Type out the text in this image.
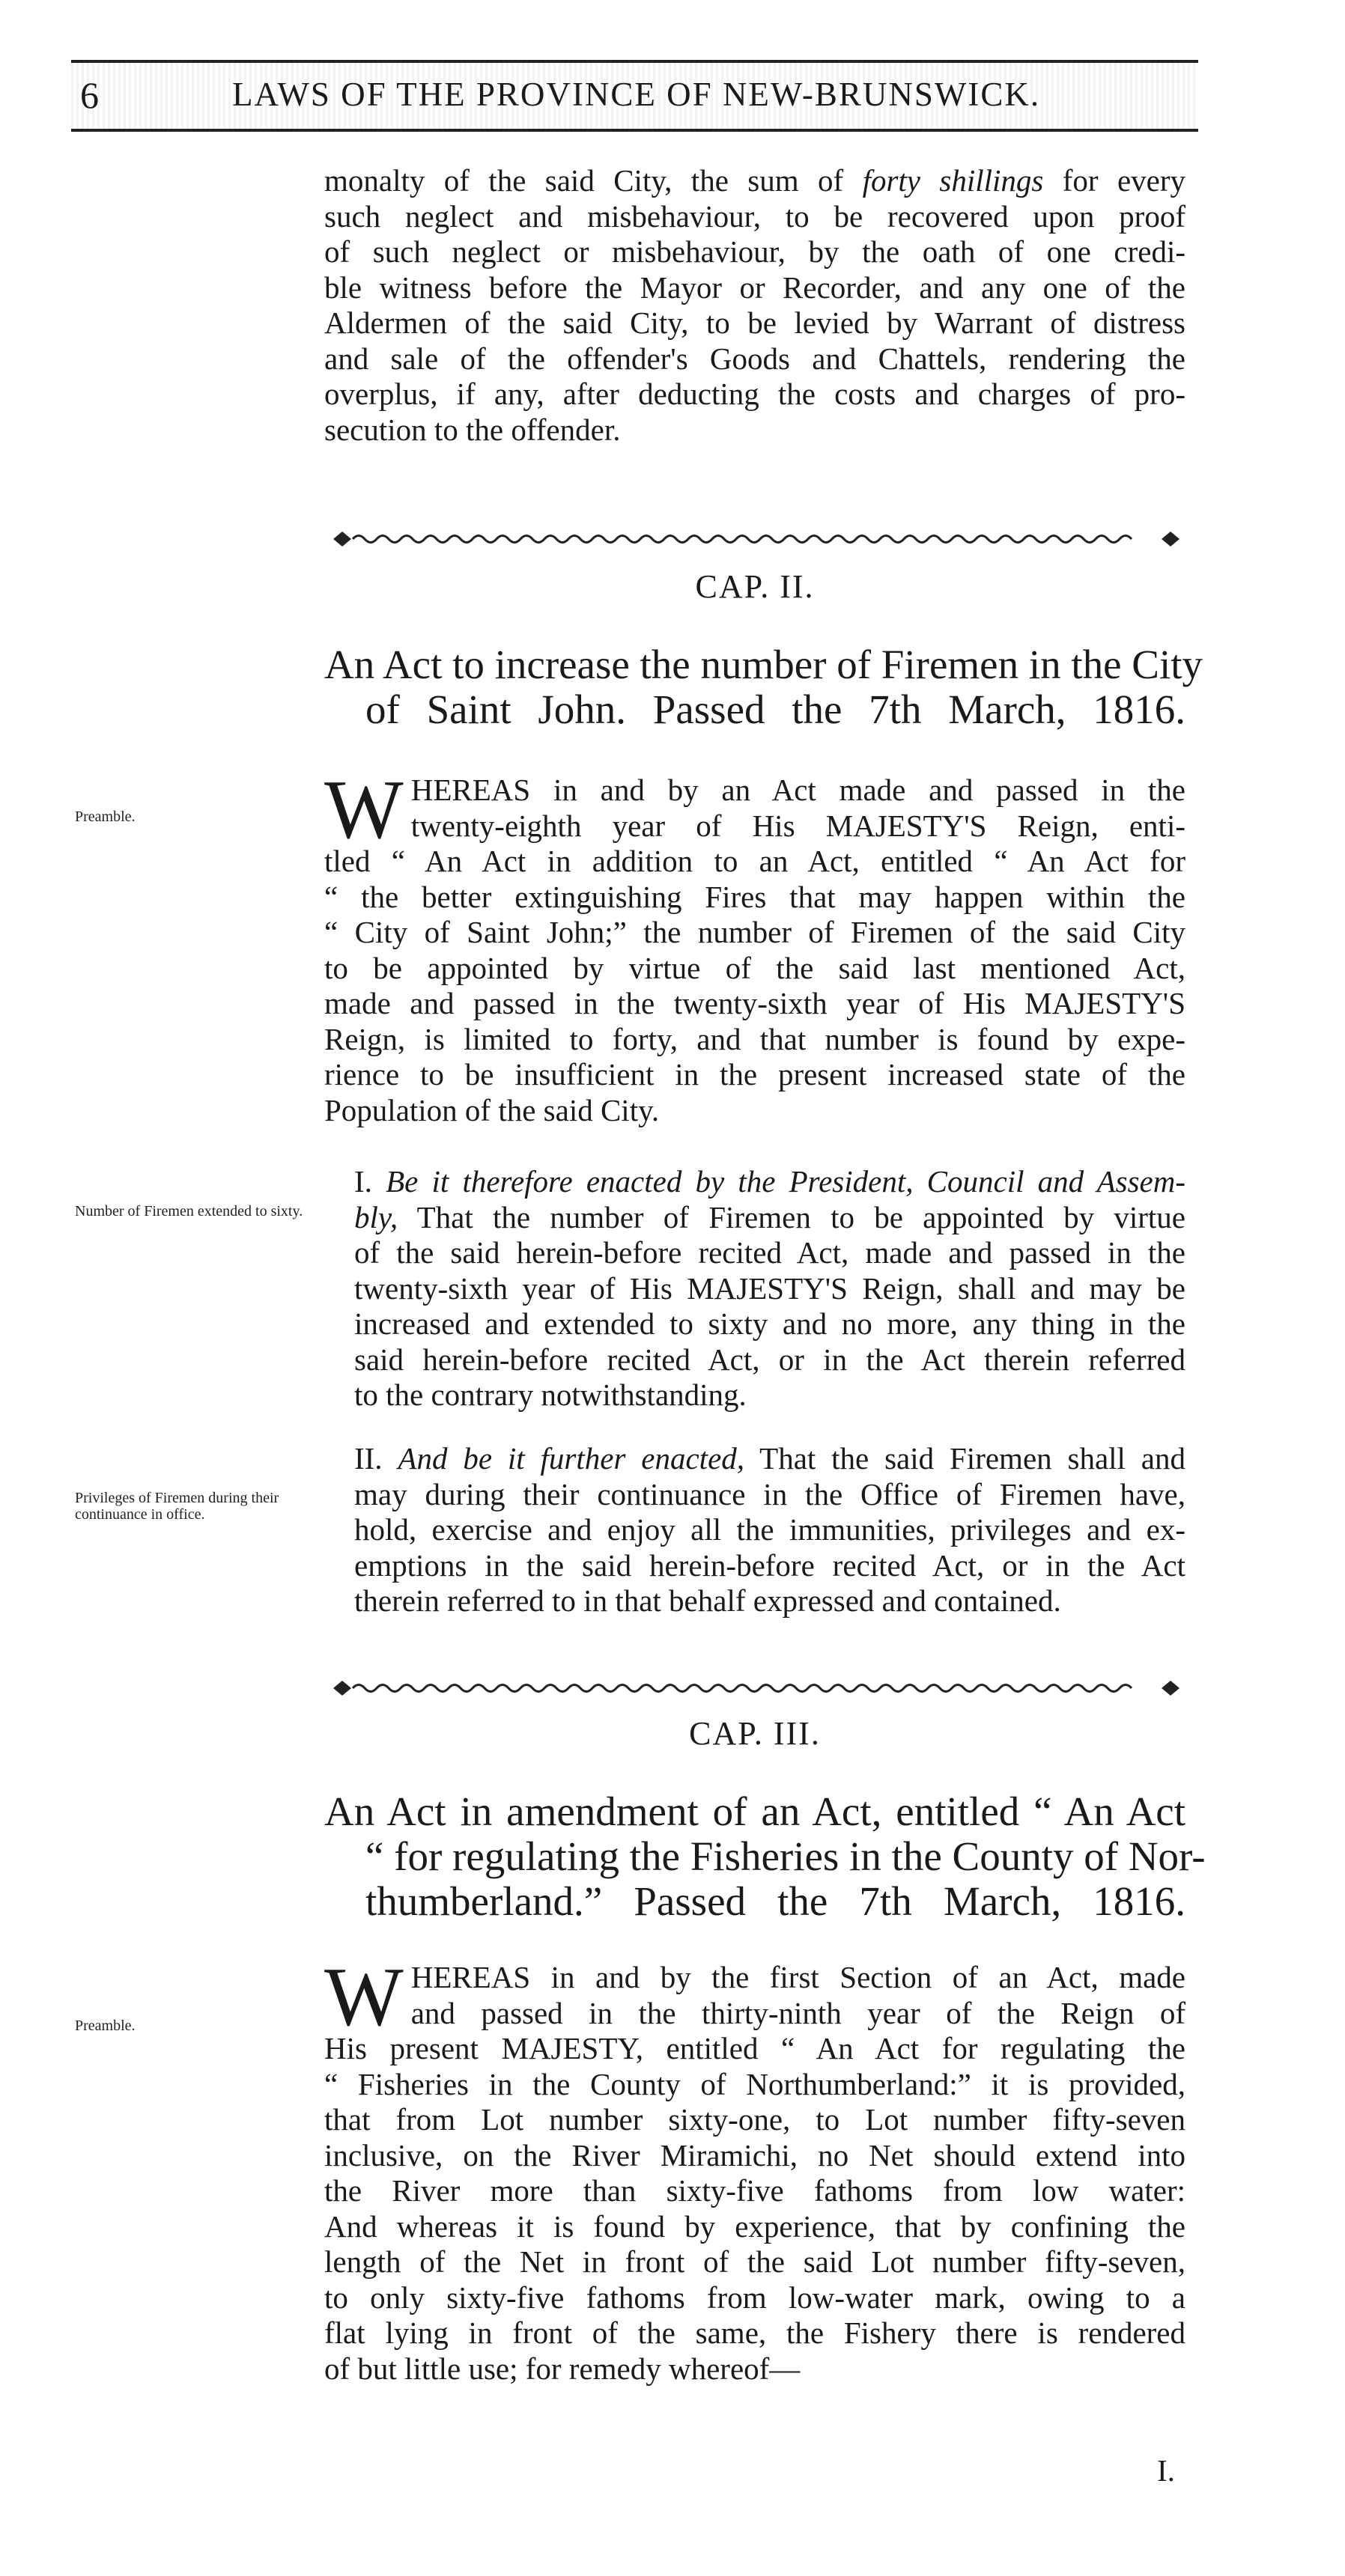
6	LAWS OF THE PROVINCE OF NEW-BRUNSWICK.

monalty of the said City, the sum of forty shillings for every
such neglect and misbehaviour, to be recovered upon proof
of such neglect or misbehaviour, by the oath of one credi-
ble witness before the Mayor or Recorder, and any one of the
Aldermen of the said City, to be levied by Warrant of distress
and sale of the offender's Goods and Chattels, rendering the
overplus, if any, after deducting the costs and charges of pro-
secution to the offender.

CAP. II.
An Act to increase the number of Firemen in the City
of Saint John. Passed the 7th March, 1816.
Preamble.	W HEREAS in and by an Act made and passed in the
twenty-eighth year of His MAJESTY'S Reign, enti-
tled “ An Act in addition to an Act, entitled “ An Act for
“ the better extinguishing Fires that may happen within the
“ City of Saint John;” the number of Firemen of the said City
to be appointed by virtue of the said last mentioned Act,
made and passed in the twenty-sixth year of His MAJESTY'S
Reign, is limited to forty, and that number is found by expe-
rience to be insufficient in the present increased state of the
Population of the said City.

Number of Firemen extended to sixty.

I. Be it therefore enacted by the President, Council and Assem-
bly, That the number of Firemen to be appointed by virtue
of the said herein-before recited Act, made and passed in the
twenty-sixth year of His MAJESTY'S Reign, shall and may be
increased and extended to sixty and no more, any thing in the
said herein-before recited Act, or in the Act therein referred
to the contrary notwithstanding.

Privileges of Firemen during their continuance in office.

II. And be it further enacted, That the said Firemen shall and
may during their continuance in the Office of Firemen have,
hold, exercise and enjoy all the immunities, privileges and ex-
emptions in the said herein-before recited Act, or in the Act
therein referred to in that behalf expressed and contained.

CAP. III.
An Act in amendment of an Act, entitled “ An Act
“ for regulating the Fisheries in the County of Nor-
thumberland.” Passed the 7th March, 1816.
Preamble.	W HEREAS in and by the first Section of an Act, made
and passed in the thirty-ninth year of the Reign of
His present MAJESTY, entitled “ An Act for regulating the
“ Fisheries in the County of Northumberland:” it is provided,
that from Lot number sixty-one, to Lot number fifty-seven
inclusive, on the River Miramichi, no Net should extend into
the River more than sixty-five fathoms from low water:
And whereas it is found by experience, that by confining the
length of the Net in front of the said Lot number fifty-seven,
to only sixty-five fathoms from low-water mark, owing to a
flat lying in front of the same, the Fishery there is rendered
of but little use; for remedy whereof—

I.
